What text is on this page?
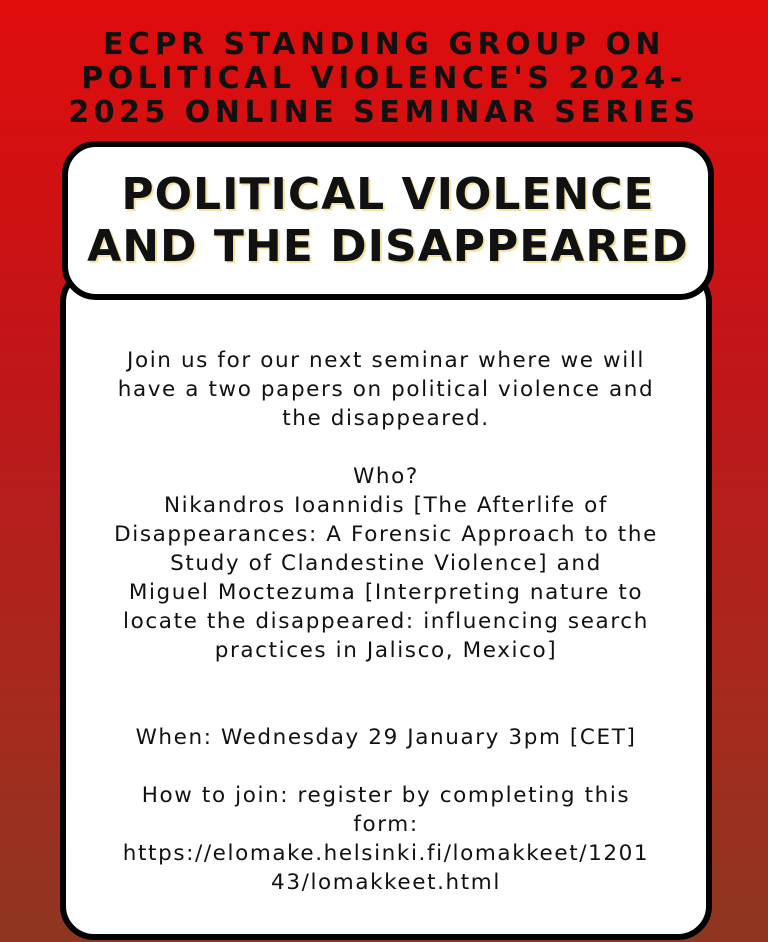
ECPR STANDING GROUP ON
POLITICAL VIOLENCE'S 2024-
2025 ONLINE SEMINAR SERIES
POLITICAL VIOLENCE
AND THE DISAPPEARED
Join us for our next seminar where we will
have a two papers on political violence and
the disappeared.
Who?
Nikandros Ioannidis [The Afterlife of
Disappearances: A Forensic Approach to the
Study of Clandestine Violence] and
Miguel Moctezuma [Interpreting nature to
locate the disappeared: influencing search
practices in Jalisco, Mexico]
When: Wednesday 29 January 3pm [CET]
How to join: register by completing this
form:
https://elomake.helsinki.fi/lomakkeet/1201
43/lomakkeet.html
